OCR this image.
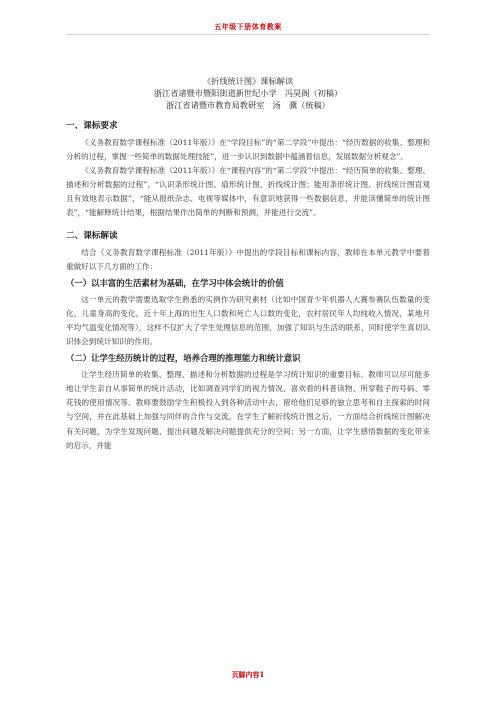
五年级下册体育教案
《折线统计图》课标解读
浙江省诸暨市暨阳街道新世纪小学　冯昊阁（初稿）
浙江省诸暨市教育局教研室　汤　骥（统稿）
一、课标要求

《义务教育数学课程标准（2011年版）》在“学段目标”的“第二学段”中提出：“经历数据的收集、整理和分析的过程，掌握一些简单的数据处理技能”，进一步认识到数据中蕴涵着信息，发展数据分析观念”。

《义务教育数学课程标准（2011年版）》在“课程内容”的“第二学段”中提出：“经历简单的收集、整理、描述和分析数据的过程”，“认识条形统计图、扇形统计图、折线统计图；能用条形统计图、折线统计图直观且有效地表示数据”，“能从报纸杂志、电视等媒体中，有意识地获得一些数据信息，并能读懂简单的统计图表”，“能解释统计结果，根据结果作出简单的判断和预测，并能进行交流”。

二、课标解读

结合《义务教育数学课程标准（2011年版）》中提出的学段目标和课标内容，教师在本单元教学中要着重做好以下几方面的工作：

（一）以丰富的生活素材为基础，在学习中体会统计的价值

这一单元的教学需要选取学生熟悉的实例作为研究素材（比如中国青少年机器人大赛参赛队伍数量的变化，儿童身高的变化，近十年上海的出生人口数和死亡人口数的变化，农村居民年人均纯收入情况，某地月平均气温变化情况等），这样不仅扩大了学生处理信息的范围，加强了知识与生活的联系，同时使学生真切认识体会到统计知识的作用。

（二）让学生经历统计的过程，培养合理的推理能力和统计意识

让学生经历简单的收集、整理、描述和分析数据的过程是学习统计知识的重要目标。教师可以尽可能多地让学生亲自从事简单的统计活动，比如调查同学们的视力情况、喜欢看的科普读物、所穿鞋子的号码、零花钱的使用情况等。教师要鼓励学生积极投入到各种活动中去，留给他们足够的独立思考和自主探索的时间与空间，并在此基础上加强与同伴的合作与交流。在学生了解折线统计图之后，一方面结合折线统计图解决有关问题，为学生发现问题、提出问题及解决问题提供充分的空间；另一方面，让学生感悟数据的变化带来的启示，并能

页脚内容1
